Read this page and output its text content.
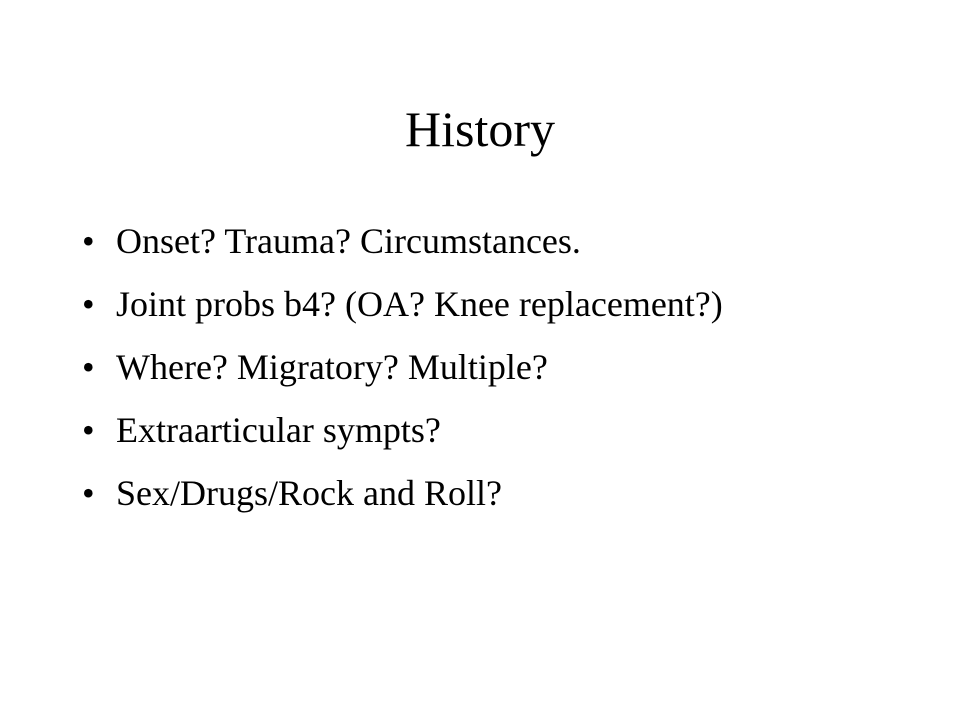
History
• Onset? Trauma? Circumstances.
• Joint probs b4? (OA? Knee replacement?)
• Where? Migratory? Multiple?
• Extraarticular sympts?
• Sex/Drugs/Rock and Roll?
